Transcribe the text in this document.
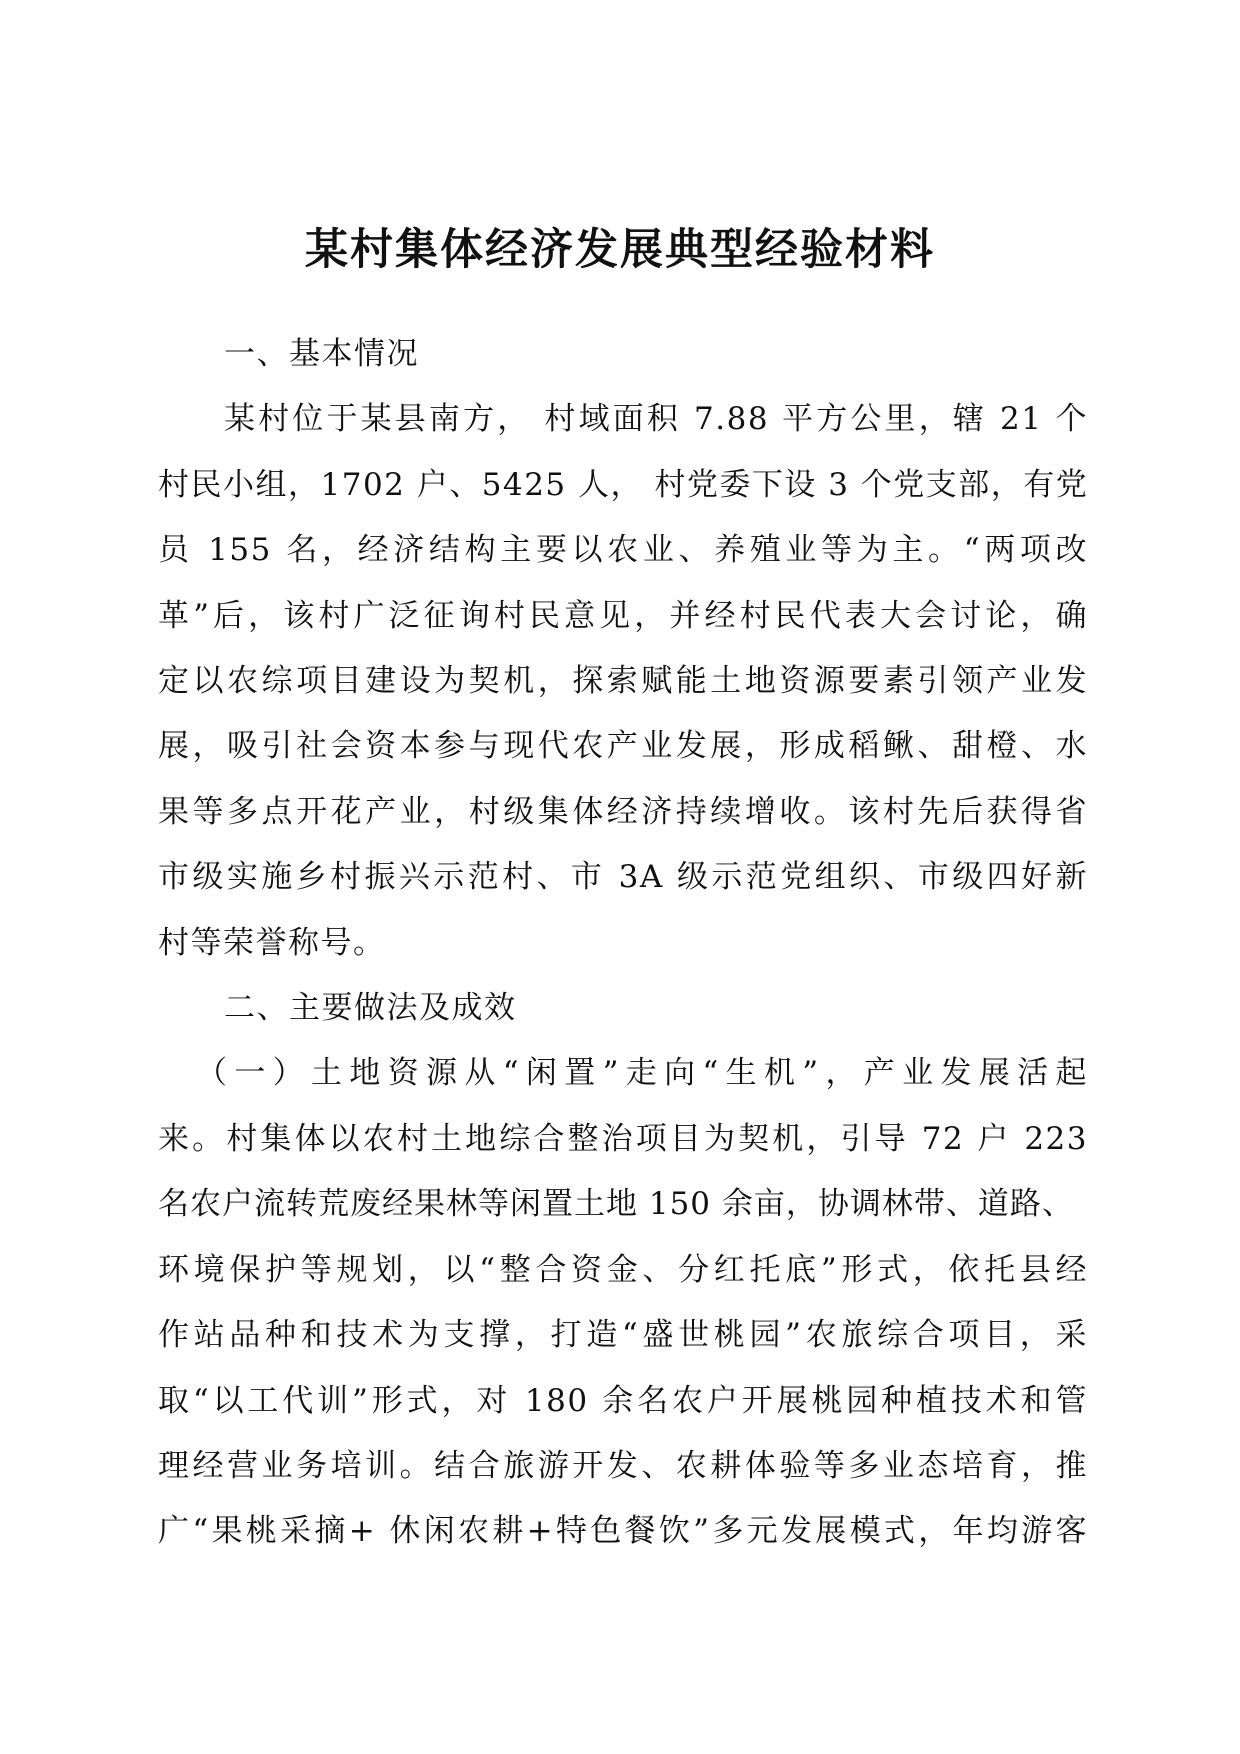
某村集体经济发展典型经验材料

一、基本情况

某村位于某县南方， 村域面积 7.88 平方公里，辖 21 个
村民小组，1702 户、5425 人， 村党委下设 3 个党支部，有党
员 155 名，经济结构主要以农业、养殖业等为主。“两项改
革”后，该村广泛征询村民意见，并经村民代表大会讨论，确
定以农综项目建设为契机，探索赋能土地资源要素引领产业发
展，吸引社会资本参与现代农产业发展，形成稻鳅、甜橙、水
果等多点开花产业，村级集体经济持续增收。该村先后获得省
市级实施乡村振兴示范村、市 3A 级示范党组织、市级四好新
村等荣誉称号。

二、主要做法及成效

（一）土地资源从“闲置”走向“生机”，产业发展活起
来。村集体以农村土地综合整治项目为契机，引导 72 户 223
名农户流转荒废经果林等闲置土地 150 余亩，协调林带、道路、
环境保护等规划，以“整合资金、分红托底”形式，依托县经
作站品种和技术为支撑，打造“盛世桃园”农旅综合项目，采
取“以工代训”形式，对 180 余名农户开展桃园种植技术和管
理经营业务培训。结合旅游开发、农耕体验等多业态培育，推
广“果桃采摘+ 休闲农耕+特色餐饮”多元发展模式，年均游客
